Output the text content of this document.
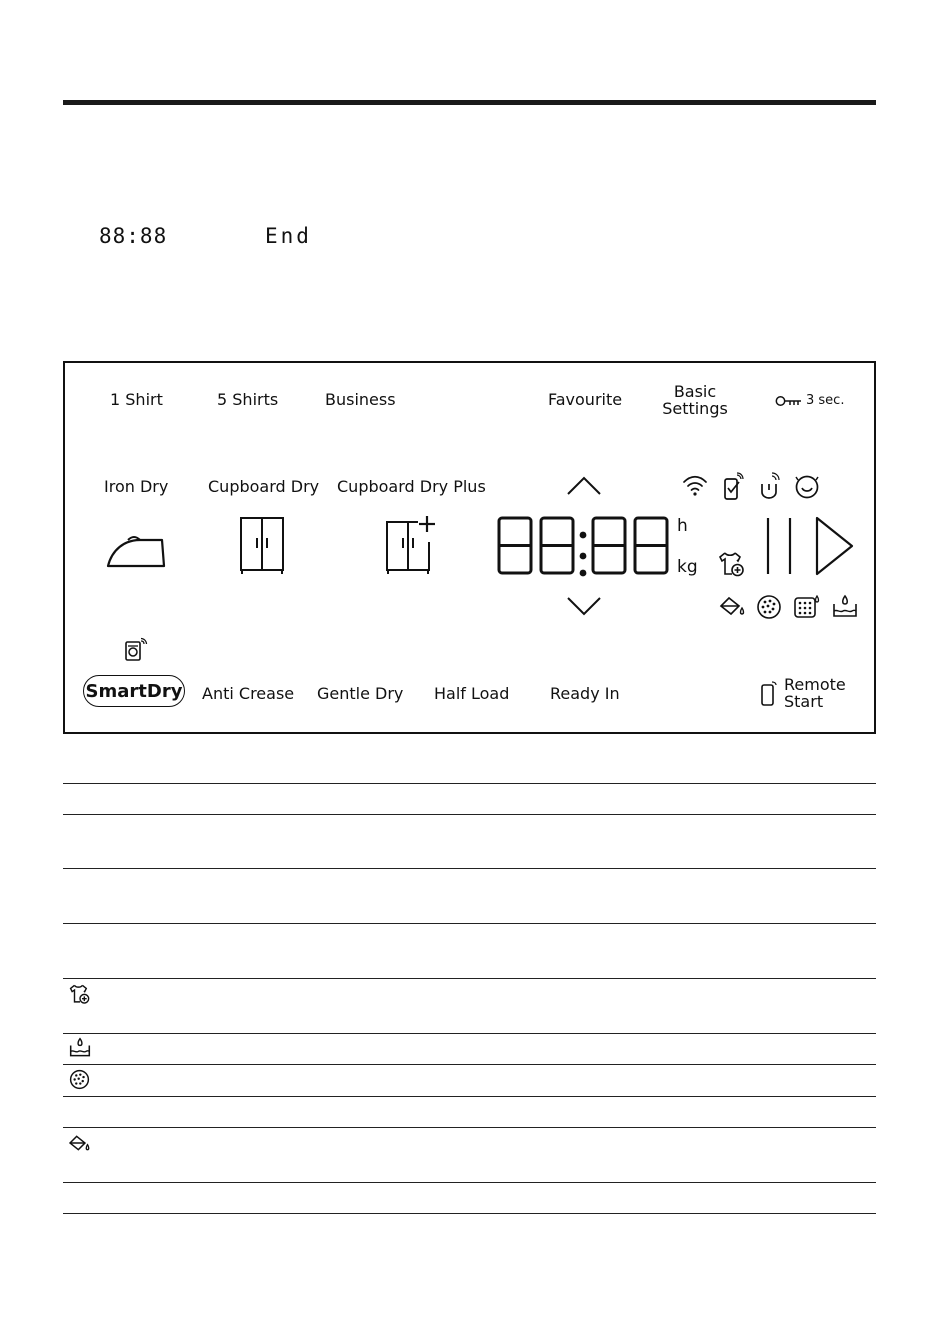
88:88	End
1 Shirt	5 Shirts	Business	Favourite	Basic
Settings	3 sec.
Iron Dry Cupboard Dry Cupboard Dry Plus
h
kg
SmartDry Anti Crease Gentle Dry Half Load	Ready In	Remote
Start
